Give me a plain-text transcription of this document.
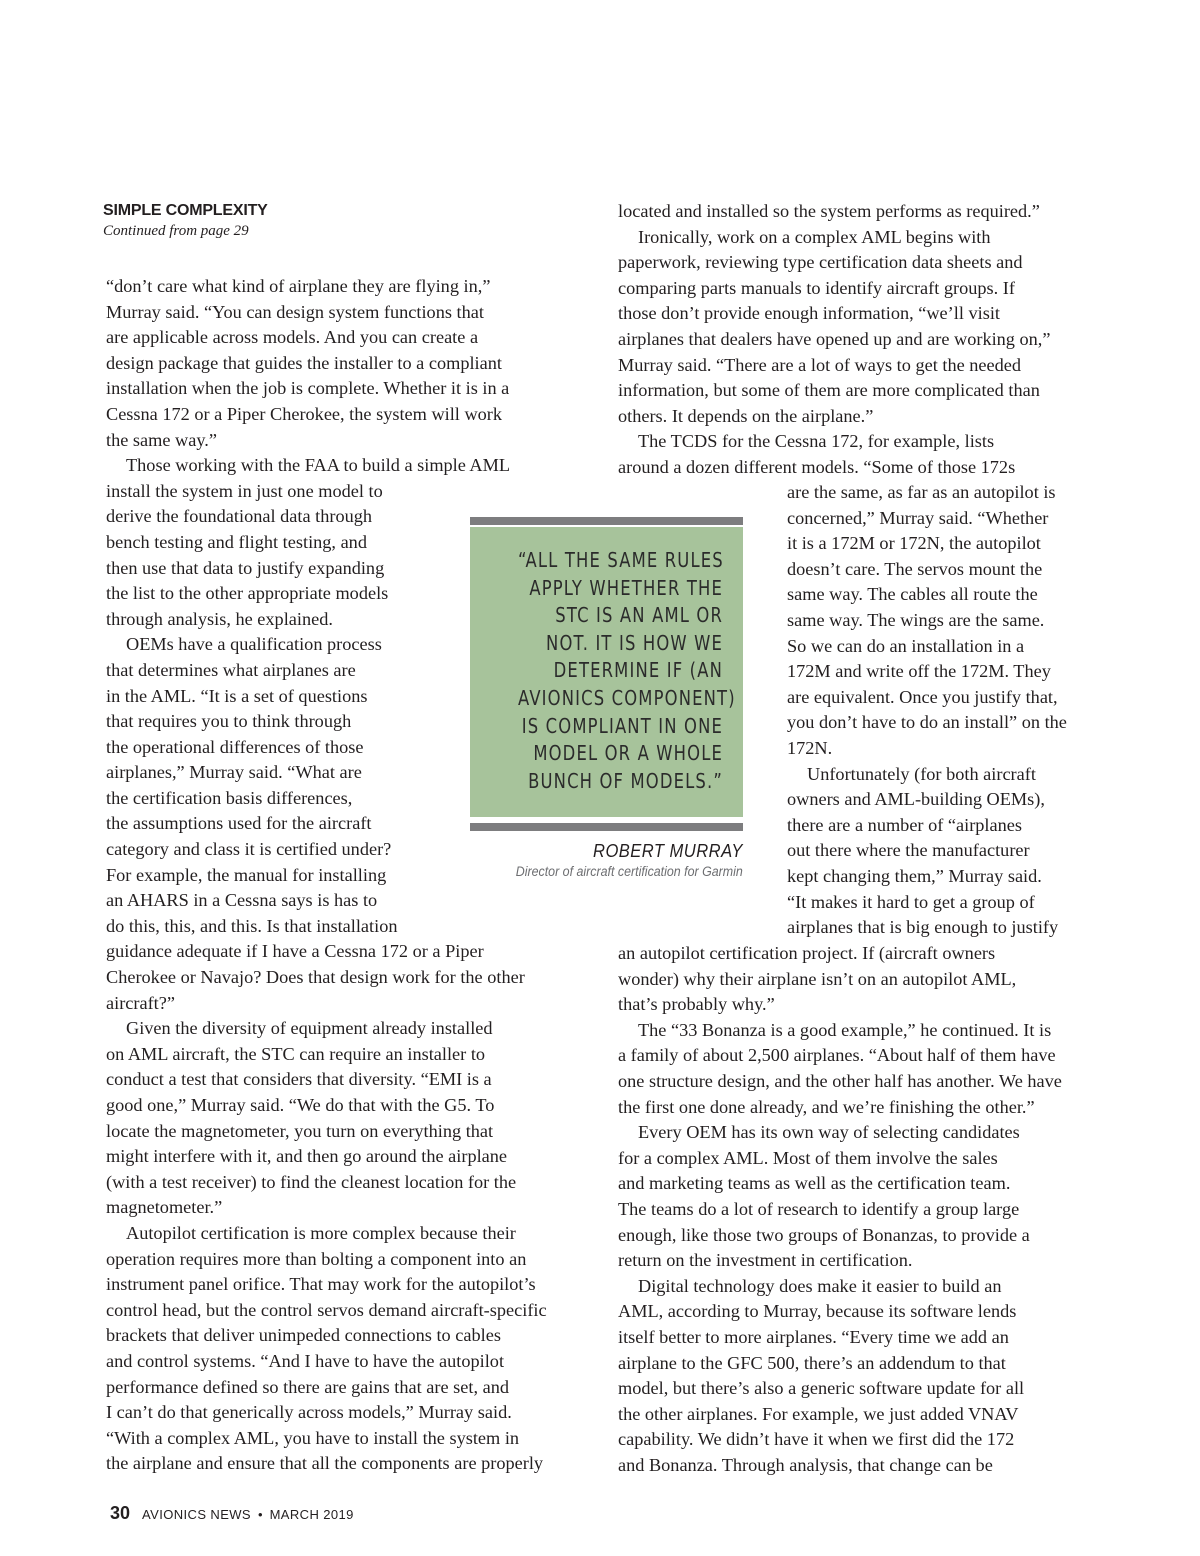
SIMPLE COMPLEXITY
Continued from page 29
“don’t care what kind of airplane they are flying in,”
Murray said. “You can design system functions that
are applicable across models. And you can create a
design package that guides the installer to a compliant
installation when the job is complete. Whether it is in a
Cessna 172 or a Piper Cherokee, the system will work
the same way.”
Those working with the FAA to build a simple AML
install the system in just one model to
derive the foundational data through
bench testing and flight testing, and
then use that data to justify expanding
the list to the other appropriate models
through analysis, he explained.
OEMs have a qualification process
that determines what airplanes are
in the AML. “It is a set of questions
that requires you to think through
the operational differences of those
airplanes,” Murray said. “What are
the certification basis differences,
the assumptions used for the aircraft
category and class it is certified under?
For example, the manual for installing
an AHARS in a Cessna says is has to
do this, this, and this. Is that installation
guidance adequate if I have a Cessna 172 or a Piper
Cherokee or Navajo? Does that design work for the other
aircraft?”
Given the diversity of equipment already installed
on AML aircraft, the STC can require an installer to
conduct a test that considers that diversity. “EMI is a
good one,” Murray said. “We do that with the G5. To
locate the magnetometer, you turn on everything that
might interfere with it, and then go around the airplane
(with a test receiver) to find the cleanest location for the
magnetometer.”
Autopilot certification is more complex because their
operation requires more than bolting a component into an
instrument panel orifice. That may work for the autopilot’s
control head, but the control servos demand aircraft-specific
brackets that deliver unimpeded connections to cables
and control systems. “And I have to have the autopilot
performance defined so there are gains that are set, and
I can’t do that generically across models,” Murray said.
“With a complex AML, you have to install the system in
the airplane and ensure that all the components are properly
located and installed so the system performs as required.”
Ironically, work on a complex AML begins with
paperwork, reviewing type certification data sheets and
comparing parts manuals to identify aircraft groups. If
those don’t provide enough information, “we’ll visit
airplanes that dealers have opened up and are working on,”
Murray said. “There are a lot of ways to get the needed
information, but some of them are more complicated than
others. It depends on the airplane.”
The TCDS for the Cessna 172, for example, lists
around a dozen different models. “Some of those 172s
are the same, as far as an autopilot is
concerned,” Murray said. “Whether
it is a 172M or 172N, the autopilot
doesn’t care. The servos mount the
same way. The cables all route the
same way. The wings are the same.
So we can do an installation in a
172M and write off the 172M. They
are equivalent. Once you justify that,
you don’t have to do an install” on the
172N.
Unfortunately (for both aircraft
owners and AML-building OEMs),
there are a number of “airplanes
out there where the manufacturer
kept changing them,” Murray said.
“It makes it hard to get a group of
airplanes that is big enough to justify
an autopilot certification project. If (aircraft owners
wonder) why their airplane isn’t on an autopilot AML,
that’s probably why.”
The “33 Bonanza is a good example,” he continued. It is
a family of about 2,500 airplanes. “About half of them have
one structure design, and the other half has another. We have
the first one done already, and we’re finishing the other.”
Every OEM has its own way of selecting candidates
for a complex AML. Most of them involve the sales
and marketing teams as well as the certification team.
The teams do a lot of research to identify a group large
enough, like those two groups of Bonanzas, to provide a
return on the investment in certification.
Digital technology does make it easier to build an
AML, according to Murray, because its software lends
itself better to more airplanes. “Every time we add an
airplane to the GFC 500, there’s an addendum to that
model, but there’s also a generic software update for all
the other airplanes. For example, we just added VNAV
capability. We didn’t have it when we first did the 172
and Bonanza. Through analysis, that change can be
“ALL THE SAME RULES
APPLY WHETHER THE
STC IS AN AML OR
NOT. IT IS HOW WE
DETERMINE IF (AN
AVIONICS COMPONENT)
IS COMPLIANT IN ONE
MODEL OR A WHOLE
BUNCH OF MODELS.”
ROBERT MURRAY
Director of aircraft certification for Garmin
30 AVIONICS NEWS • MARCH 2019
